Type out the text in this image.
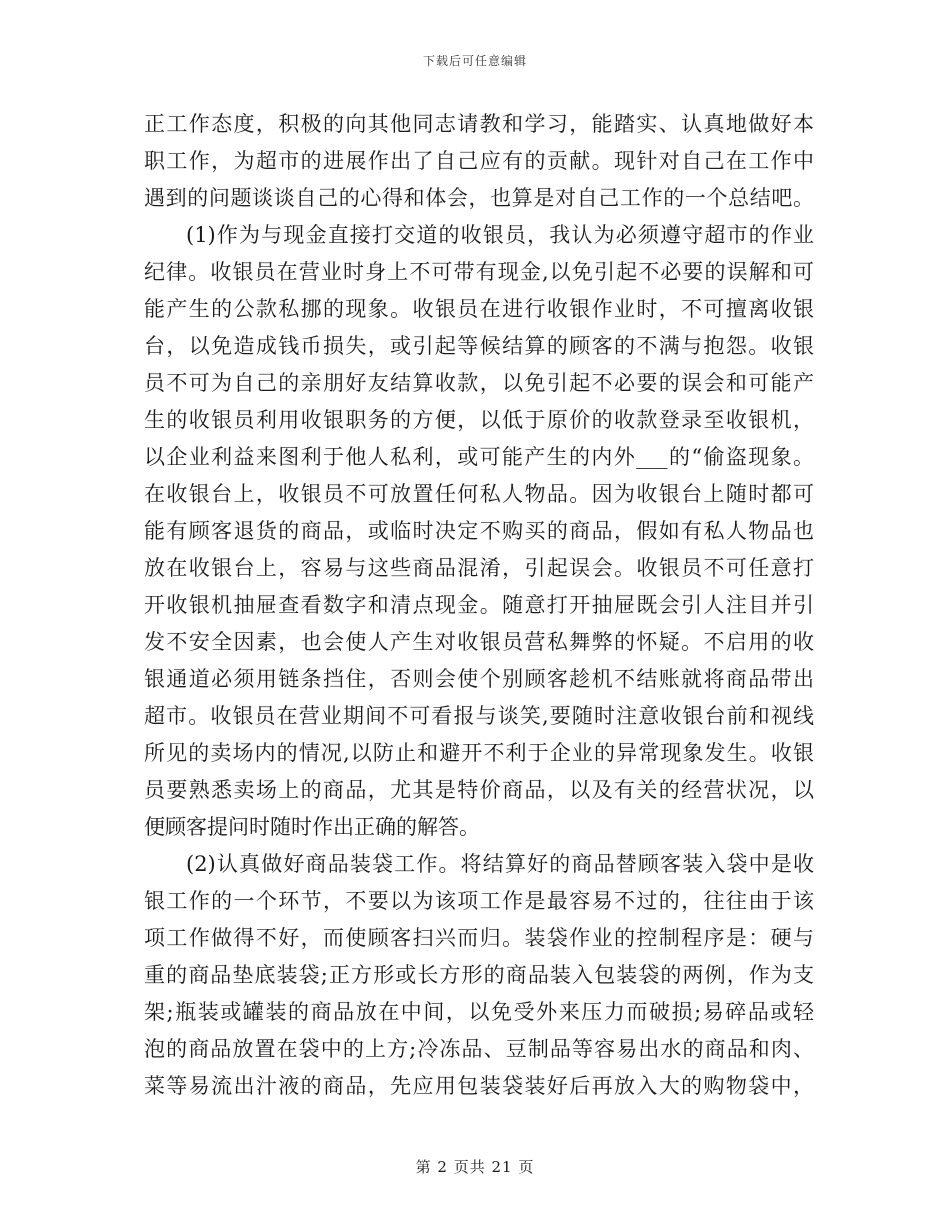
下载后可任意编辑
正工作态度，积极的向其他同志请教和学习，能踏实、认真地做好本
职工作，为超市的进展作出了自己应有的贡献。现针对自己在工作中
遇到的问题谈谈自己的心得和体会，也算是对自己工作的一个总结吧。
(1)作为与现金直接打交道的收银员，我认为必须遵守超市的作业
纪律。收银员在营业时身上不可带有现金,以免引起不必要的误解和可
能产生的公款私挪的现象。收银员在进行收银作业时，不可擅离收银
台，以免造成钱币损失，或引起等候结算的顾客的不满与抱怨。收银
员不可为自己的亲朋好友结算收款，以免引起不必要的误会和可能产
生的收银员利用收银职务的方便，以低于原价的收款登录至收银机，
以企业利益来图利于他人私利，或可能产生的内外___的“偷盗现象。
在收银台上，收银员不可放置任何私人物品。因为收银台上随时都可
能有顾客退货的商品，或临时决定不购买的商品，假如有私人物品也
放在收银台上，容易与这些商品混淆，引起误会。收银员不可任意打
开收银机抽屉查看数字和清点现金。随意打开抽屉既会引人注目并引
发不安全因素，也会使人产生对收银员营私舞弊的怀疑。不启用的收
银通道必须用链条挡住，否则会使个别顾客趁机不结账就将商品带出
超市。收银员在营业期间不可看报与谈笑,要随时注意收银台前和视线
所见的卖场内的情况,以防止和避开不利于企业的异常现象发生。收银
员要熟悉卖场上的商品，尤其是特价商品，以及有关的经营状况，以
便顾客提问时随时作出正确的解答。
(2)认真做好商品装袋工作。将结算好的商品替顾客装入袋中是收
银工作的一个环节，不要以为该项工作是最容易不过的，往往由于该
项工作做得不好，而使顾客扫兴而归。装袋作业的控制程序是：硬与
重的商品垫底装袋;正方形或长方形的商品装入包装袋的两例，作为支
架;瓶装或罐装的商品放在中间，以免受外来压力而破损;易碎品或轻
泡的商品放置在袋中的上方;冷冻品、豆制品等容易出水的商品和肉、
菜等易流出汁液的商品，先应用包装袋装好后再放入大的购物袋中，
第 2 页共 21 页
